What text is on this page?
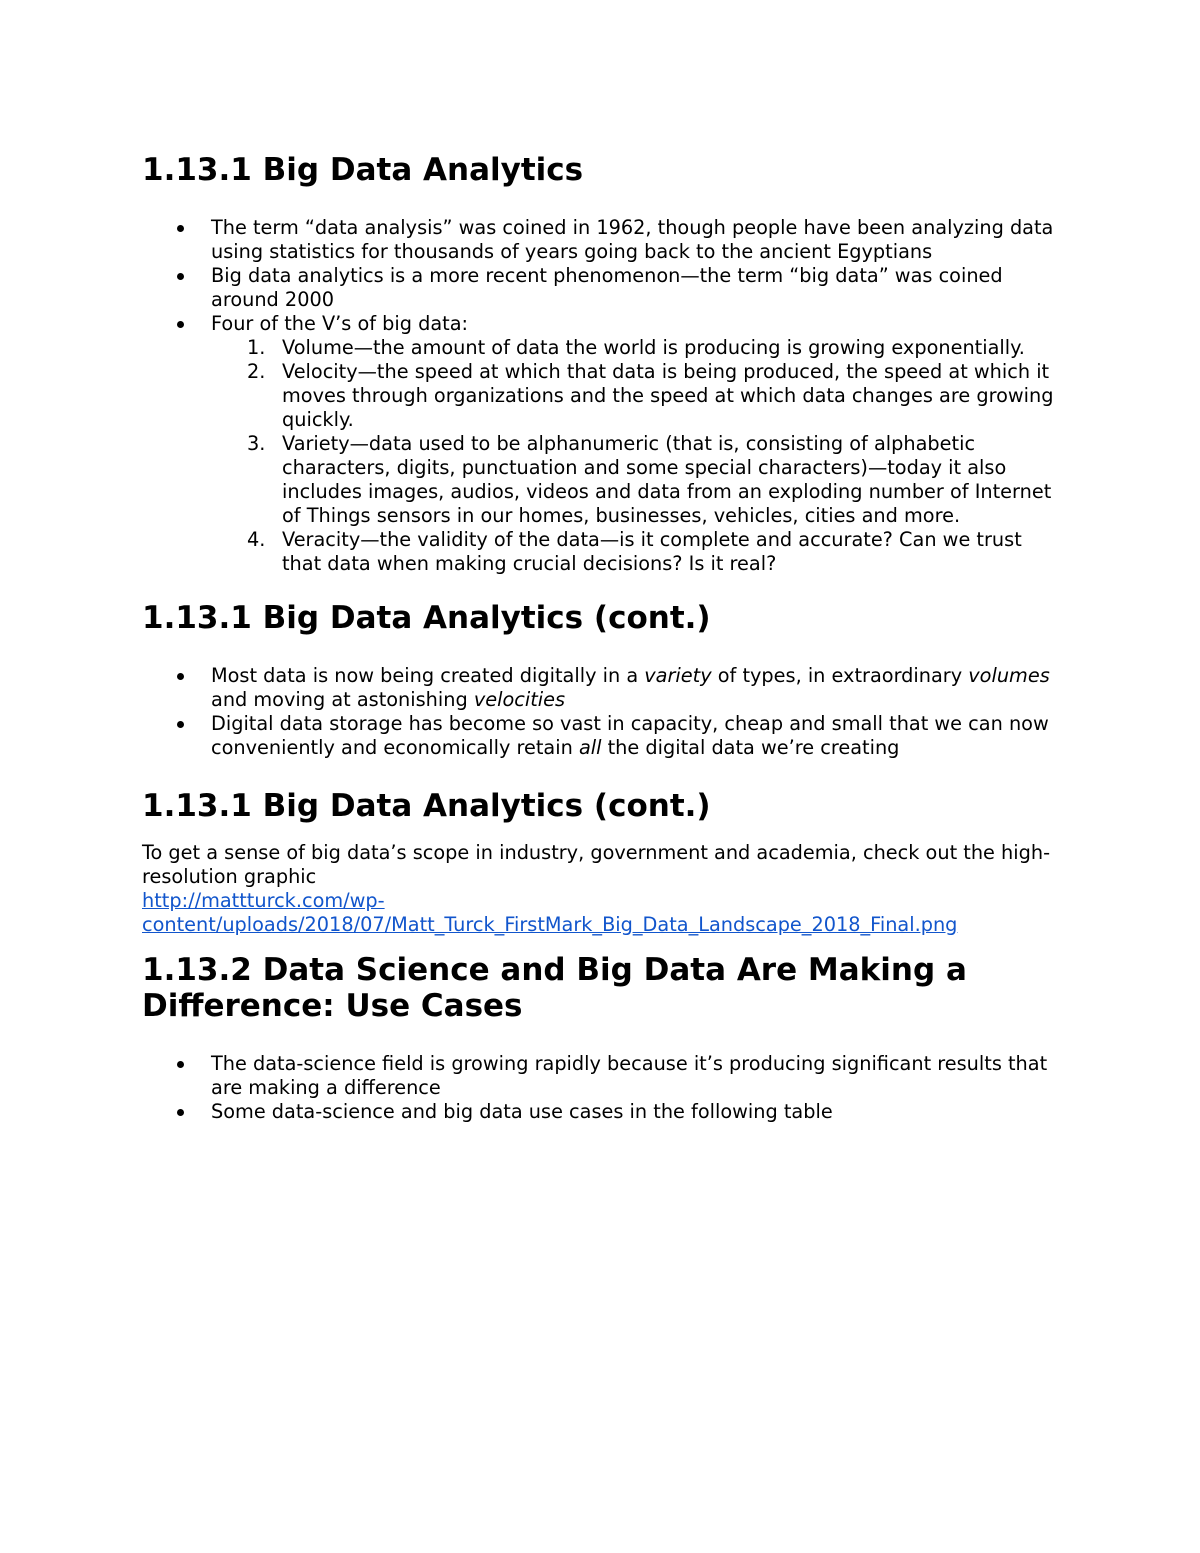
1.13.1 Big Data Analytics
The term “data analysis” was coined in 1962, though people have been analyzing data using statistics for thousands of years going back to the ancient Egyptians
Big data analytics is a more recent phenomenon—the term “big data” was coined around 2000
Four of the V’s of big data:
1. Volume—the amount of data the world is producing is growing exponentially.
2. Velocity—the speed at which that data is being produced, the speed at which it moves through organizations and the speed at which data changes are growing quickly.
3. Variety—data used to be alphanumeric (that is, consisting of alphabetic characters, digits, punctuation and some special characters)—today it also includes images, audios, videos and data from an exploding number of Internet of Things sensors in our homes, businesses, vehicles, cities and more.
4. Veracity—the validity of the data—is it complete and accurate? Can we trust that data when making crucial decisions? Is it real?
1.13.1 Big Data Analytics (cont.)
Most data is now being created digitally in a variety of types, in extraordinary volumes and moving at astonishing velocities
Digital data storage has become so vast in capacity, cheap and small that we can now conveniently and economically retain all the digital data we’re creating
1.13.1 Big Data Analytics (cont.)
To get a sense of big data’s scope in industry, government and academia, check out the high-resolution graphic
http://mattturck.com/wp-
content/uploads/2018/07/Matt_Turck_FirstMark_Big_Data_Landscape_2018_Final.png
1.13.2 Data Science and Big Data Are Making a
Difference: Use Cases
The data-science field is growing rapidly because it’s producing significant results that are making a difference
Some data-science and big data use cases in the following table
